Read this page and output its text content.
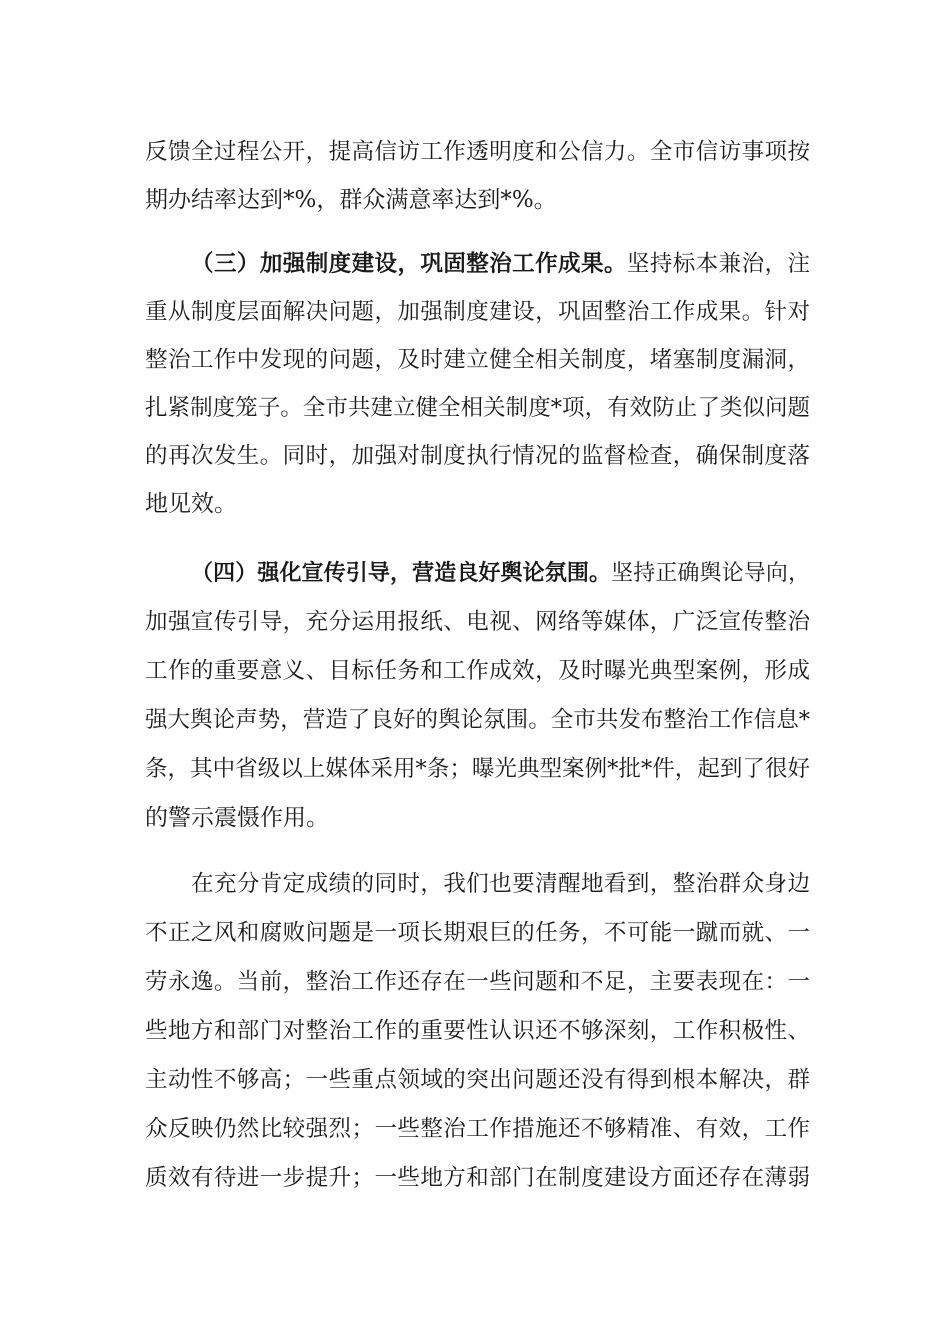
反馈全过程公开，提高信访工作透明度和公信力。全市信访事项按
期办结率达到*%，群众满意率达到*%。
（三）加强制度建设，巩固整治工作成果。坚持标本兼治，注
重从制度层面解决问题，加强制度建设，巩固整治工作成果。针对
整治工作中发现的问题，及时建立健全相关制度，堵塞制度漏洞，
扎紧制度笼子。全市共建立健全相关制度*项，有效防止了类似问题
的再次发生。同时，加强对制度执行情况的监督检查，确保制度落
地见效。
（四）强化宣传引导，营造良好舆论氛围。坚持正确舆论导向，
加强宣传引导，充分运用报纸、电视、网络等媒体，广泛宣传整治
工作的重要意义、目标任务和工作成效，及时曝光典型案例，形成
强大舆论声势，营造了良好的舆论氛围。全市共发布整治工作信息*
条，其中省级以上媒体采用*条；曝光典型案例*批*件，起到了很好
的警示震慑作用。
在充分肯定成绩的同时，我们也要清醒地看到，整治群众身边
不正之风和腐败问题是一项长期艰巨的任务，不可能一蹴而就、一
劳永逸。当前，整治工作还存在一些问题和不足，主要表现在：一
些地方和部门对整治工作的重要性认识还不够深刻，工作积极性、
主动性不够高；一些重点领域的突出问题还没有得到根本解决，群
众反映仍然比较强烈；一些整治工作措施还不够精准、有效，工作
质效有待进一步提升；一些地方和部门在制度建设方面还存在薄弱
